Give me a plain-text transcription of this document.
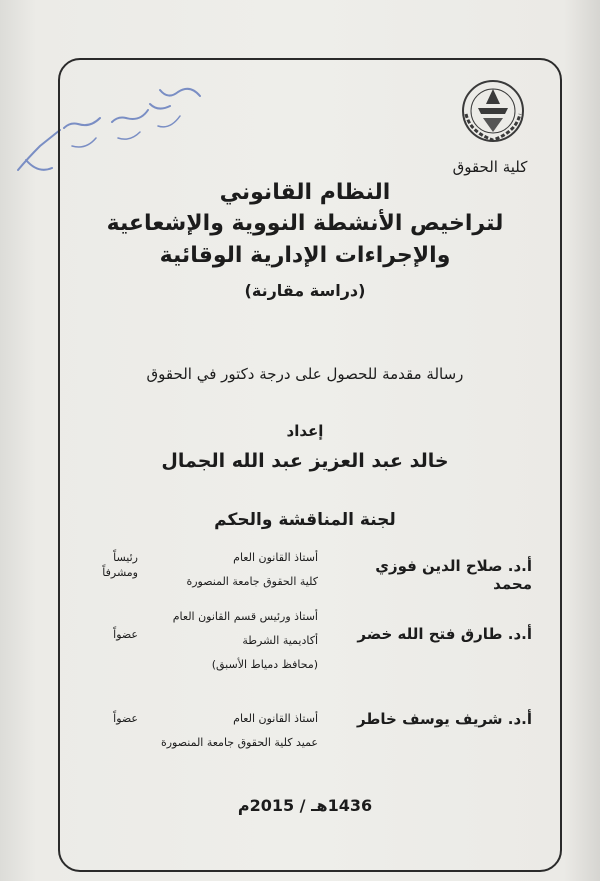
كلية الحقوق
النظام القانوني
لتراخيص الأنشطة النووية والإشعاعية
والإجراءات الإدارية الوقائية
(دراسة مقارنة)
رسالة مقدمة للحصول على درجة دكتور في الحقوق
إعداد
خالد عبد العزيز عبد الله الجمال
لجنة المناقشة والحكم
أ.د. صلاح الدين فوزي محمد
أستاذ القانون العام
كلية الحقوق جامعة المنصورة
رئيساً
ومشرفاً
أ.د. طارق فتح الله خضر
أستاذ ورئيس قسم القانون العام
أكاديمية الشرطة
(محافظ دمياط الأسبق)
عضواً
أ.د. شريف يوسف خاطر
أستاذ القانون العام
عميد كلية الحقوق جامعة المنصورة
عضواً
1436هـ / 2015م
